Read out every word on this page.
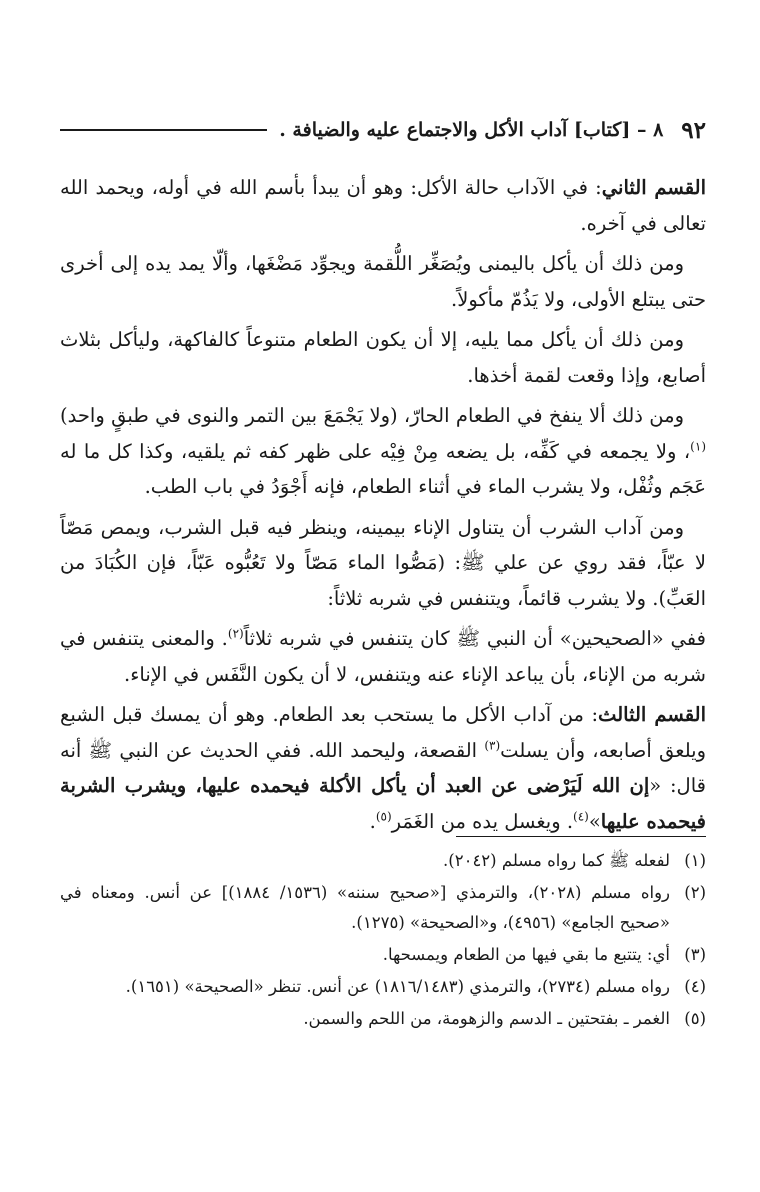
٩٢
٨ – [كتاب] آداب الأكل والاجتماع عليه والضيافة .

القسم الثاني: في الآداب حالة الأكل: وهو أن يبدأ بأسم الله في أوله، ويحمد الله تعالى في آخره.

ومن ذلك أن يأكل باليمنى ويُصَغِّر اللُّقمة ويجوِّد مَضْغَها، وألّا يمد يده إلى أخرى حتى يبتلع الأولى، ولا يَذُمّ مأكولاً.

ومن ذلك أن يأكل مما يليه، إلا أن يكون الطعام متنوعاً كالفاكهة، وليأكل بثلاث أصابع، وإذا وقعت لقمة أخذها.

ومن ذلك ألا ينفخ في الطعام الحارّ، (ولا يَجْمَعَ بين التمر والنوى في طبقٍ واحد)$^{(١)}$، ولا يجمعه في كَفِّه، بل يضعه مِنْ فِيْه على ظهر كفه ثم يلقيه، وكذا كل ما له عَجَم وثُفْل، ولا يشرب الماء في أثناء الطعام، فإنه أَجْوَدُ في باب الطب.

ومن آداب الشرب أن يتناول الإناء بيمينه، وينظر فيه قبل الشرب، ويمص مَصّاً لا عبّاً، فقد روي عن علي ﷺ: (مَصُّوا الماء مَصّاً ولا تَعُبُّوه عَبّاً، فإن الكُبَادَ من العَبِّ). ولا يشرب قائماً، ويتنفس في شربه ثلاثاً:

ففي «الصحيحين» أن النبي ﷺ كان يتنفس في شربه ثلاثاً$^{(٢)}$. والمعنى يتنفس في شربه من الإناء، بأن يباعد الإناء عنه ويتنفس، لا أن يكون النَّفَس في الإناء.

القسم الثالث: من آداب الأكل ما يستحب بعد الطعام. وهو أن يمسك قبل الشبع ويلعق أصابعه، وأن يسلت$^{(٣)}$ القصعة، وليحمد الله. ففي الحديث عن النبي ﷺ أنه قال: «إن الله لَيَرْضى عن العبد أن يأكل الأكلة فيحمده عليها، ويشرب الشربة فيحمده عليها»$^{(٤)}$. ويغسل يده من الغَمَر$^{(٥)}$.

(١)
لفعله ﷺ كما رواه مسلم (٢٠٤٢).
(٢)
رواه مسلم (٢٠٢٨)، والترمذي [«صحيح سننه» (١٥٣٦/ ١٨٨٤)] عن أنس. ومعناه في «صحيح الجامع» (٤٩٥٦)، و«الصحيحة» (١٢٧٥).
(٣)
أي: يتتبع ما بقي فيها من الطعام ويمسحها.
(٤)
رواه مسلم (٢٧٣٤)، والترمذي (١٨١٦/١٤٨٣) عن أنس. تنظر «الصحيحة» (١٦٥١).
(٥)
الغمر ـ بفتحتين ـ الدسم والزهومة، من اللحم والسمن.
